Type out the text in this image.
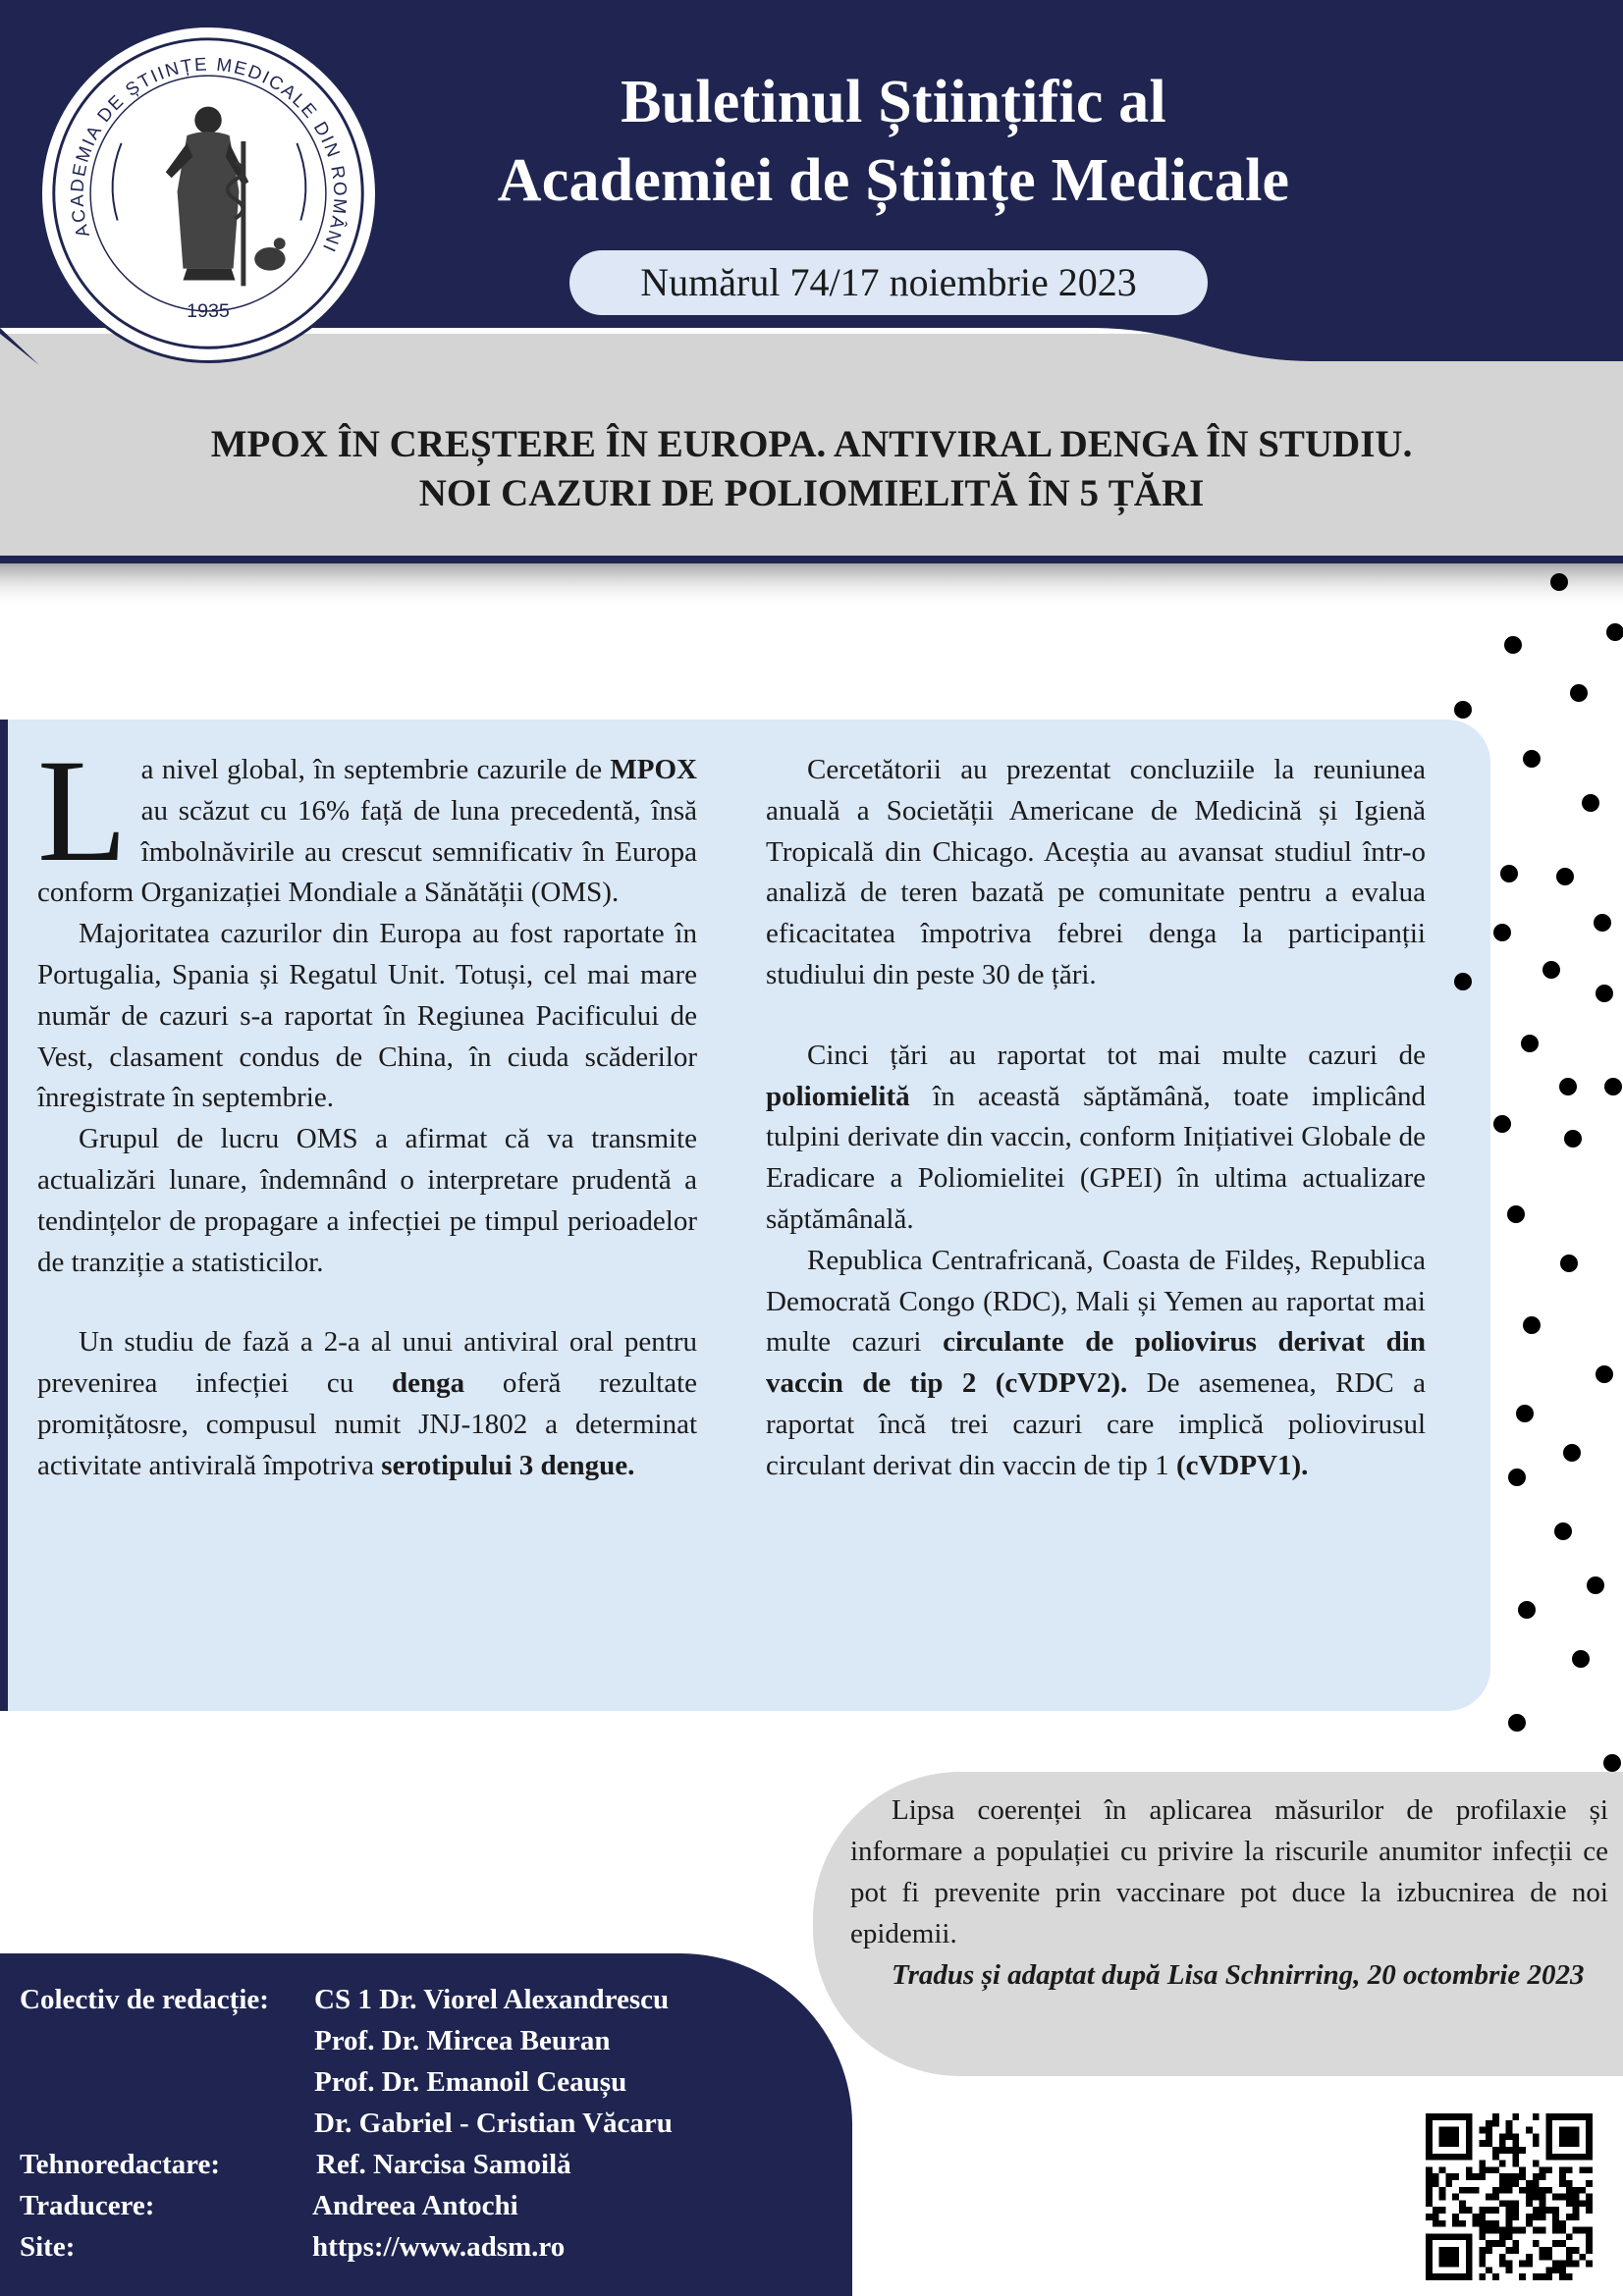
ACADEMIA DE ȘTIINȚE MEDICALE DIN ROMÂNI
1935
Buletinul Științific al
Academiei de Științe Medicale
Numărul 74/17 noiembrie 2023
MPOX ÎN CREȘTERE ÎN EUROPA. ANTIVIRAL DENGA ÎN STUDIU.
NOI CAZURI DE POLIOMIELITĂ ÎN 5 ȚĂRI

La nivel global, în septembrie cazurile de MPOX au scăzut cu 16% față de luna precedentă, însă îmbolnăvirile au crescut semnificativ în Europa conform Organizației Mondiale a Sănătății (OMS).

Majoritatea cazurilor din Europa au fost raportate în Portugalia, Spania și Regatul Unit. Totuși, cel mai mare număr de cazuri s-a raportat în Regiunea Pacificului de Vest, clasament condus de China, în ciuda scăderilor înregistrate în septembrie.

Grupul de lucru OMS a afirmat că va transmite actualizări lunare, îndemnând o interpretare prudentă a tendințelor de propagare a infecției pe timpul perioadelor de tranziție a statisticilor.

Un studiu de fază a 2-a al unui antiviral oral pentru prevenirea infecției cu denga oferă rezultate promițătosre, compusul numit JNJ-1802 a determinat activitate antivirală împotriva serotipului 3 dengue.

Cercetătorii au prezentat concluziile la reuniunea anuală a Societății Americane de Medicină și Igienă Tropicală din Chicago. Aceștia au avansat studiul într-o analiză de teren bazată pe comunitate pentru a evalua eficacitatea împotriva febrei denga la participanții studiului din peste 30 de țări.

Cinci țări au raportat tot mai multe cazuri de poliomielită în această săptămână, toate implicând tulpini derivate din vaccin, conform Inițiativei Globale de Eradicare a Poliomielitei (GPEI) în ultima actualizare săptămânală.

Republica Centrafricană, Coasta de Fildeș, Republica Democrată Congo (RDC), Mali și Yemen au raportat mai multe cazuri circulante de poliovirus derivat din vaccin de tip 2 (cVDPV2). De asemenea, RDC a raportat încă trei cazuri care implică poliovirusul circulant derivat din vaccin de tip 1 (cVDPV1).

Lipsa coerenței în aplicarea măsurilor de profilaxie și informare a populației cu privire la riscurile anumitor infecții ce pot fi prevenite prin vaccinare pot duce la izbucnirea de noi epidemii.

Tradus și adaptat după Lisa Schnirring, 20 octombrie 2023

Colectiv de redacție: CS 1 Dr. Viorel Alexandrescu
Prof. Dr. Mircea Beuran
Prof. Dr. Emanoil Ceaușu
Dr. Gabriel - Cristian Văcaru
Tehnoredactare:	Ref. Narcisa Samoilă
Traducere:	Andreea Antochi
Site:	https://www.adsm.ro
